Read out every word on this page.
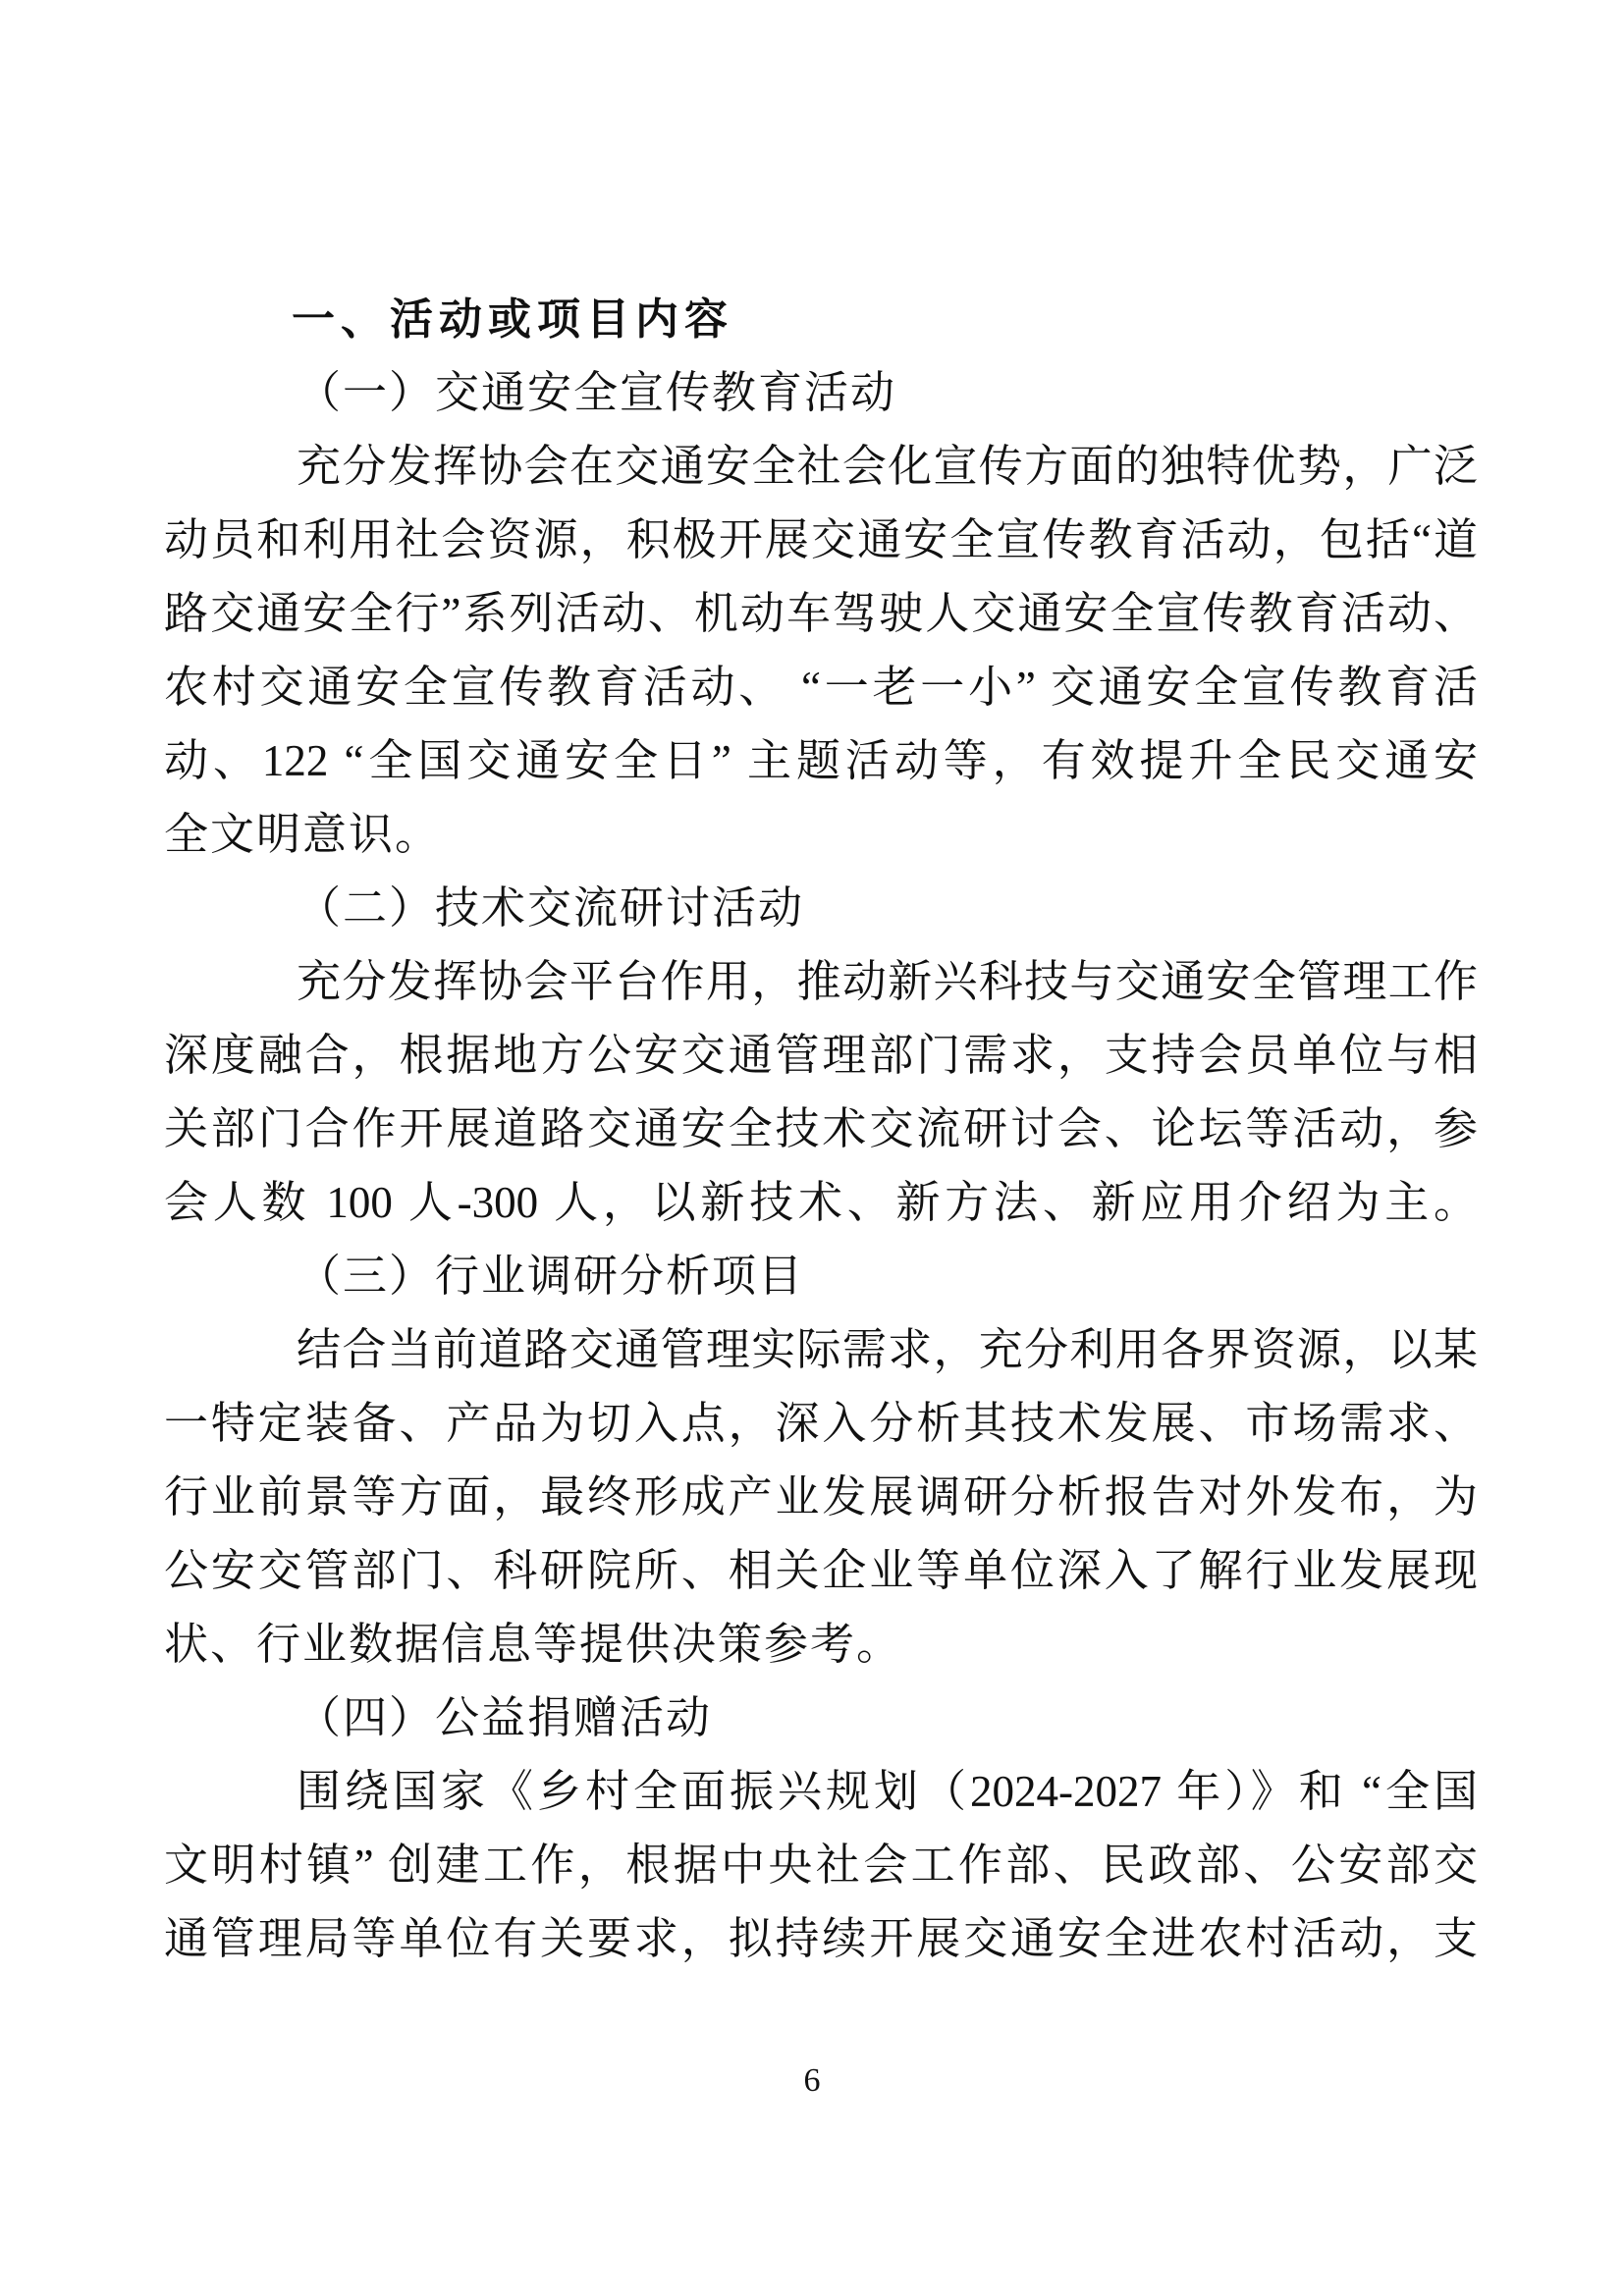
一、活动或项目内容
（一）交通安全宣传教育活动
充分发挥协会在交通安全社会化宣传方面的独特优势，广泛
动员和利用社会资源，积极开展交通安全宣传教育活动，包括“道
路交通安全行”系列活动、机动车驾驶人交通安全宣传教育活动、
农村交通安全宣传教育活动、 “一老一小” 交通安全宣传教育活
动、122 “全国交通安全日” 主题活动等，有效提升全民交通安
全文明意识。
（二）技术交流研讨活动
充分发挥协会平台作用，推动新兴科技与交通安全管理工作
深度融合，根据地方公安交通管理部门需求，支持会员单位与相
关部门合作开展道路交通安全技术交流研讨会、论坛等活动，参
会人数 100 人-300 人，以新技术、新方法、新应用介绍为主。
（三）行业调研分析项目
结合当前道路交通管理实际需求，充分利用各界资源，以某
一特定装备、产品为切入点，深入分析其技术发展、市场需求、
行业前景等方面，最终形成产业发展调研分析报告对外发布，为
公安交管部门、科研院所、相关企业等单位深入了解行业发展现
状、行业数据信息等提供决策参考。
（四）公益捐赠活动
围绕国家《乡村全面振兴规划（2024-2027 年）》和 “全国
文明村镇” 创建工作，根据中央社会工作部、民政部、公安部交
通管理局等单位有关要求，拟持续开展交通安全进农村活动，支
6
